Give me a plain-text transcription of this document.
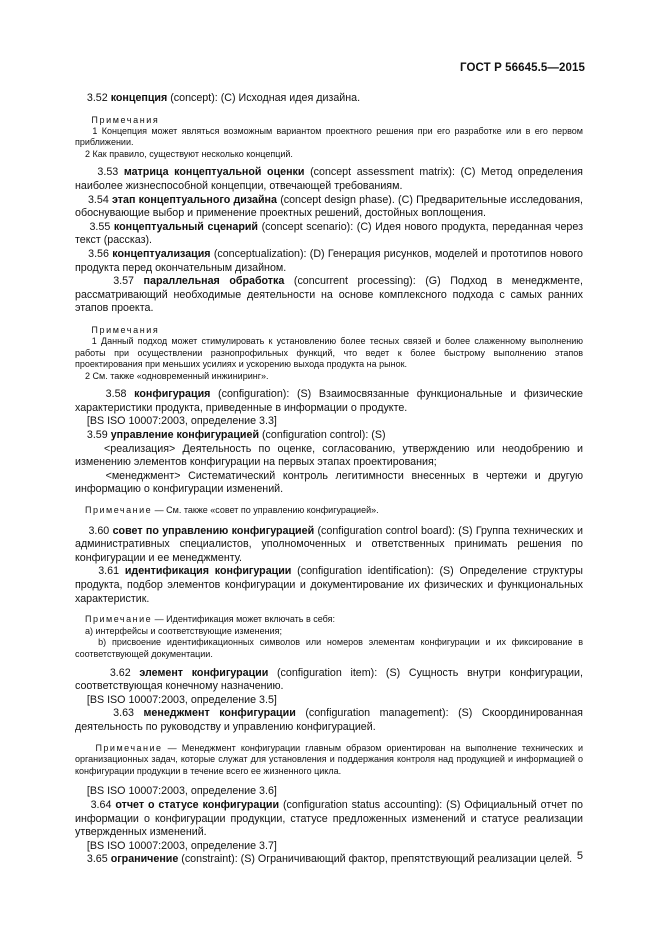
ГОСТ Р 56645.5—2015

3.52 концепция (concept): (C) Исходная идея дизайна.

Примечания

1 Концепция может являться возможным вариантом проектного решения при его разработке или в его первом приближении.

2 Как правило, существуют несколько концепций.

3.53 матрица концептуальной оценки (concept assessment matrix): (C) Метод определения наиболее жизнеспособной концепции, отвечающей требованиям.

3.54 этап концептуального дизайна (concept design phase). (C) Предварительные исследования, обоснувающие выбор и применение проектных решений, достойных воплощения.

3.55 концептуальный сценарий (concept scenario): (C) Идея нового продукта, переданная через текст (рассказ).

3.56 концептуализация (conceptualization): (D) Генерация рисунков, моделей и прототипов нового продукта перед окончательным дизайном.

3.57 параллельная обработка (concurrent processing): (G) Подход в менеджменте, рассматривающий необходимые деятельности на основе комплексного подхода с самых ранних этапов проекта.

Примечания

1 Данный подход может стимулировать к установлению более тесных связей и более слаженному выполнению работы при осуществлении разнопрофильных функций, что ведет к более быстрому выполнению этапов проектирования при меньших усилиях и ускорению выхода продукта на рынок.

2 См. также «одновременный инжиниринг».

3.58 конфигурация (configuration): (S) Взаимосвязанные функциональные и физические характеристики продукта, приведенные в информации о продукте.

[BS ISO 10007:2003, определение 3.3]

3.59 управление конфигурацией (configuration control): (S)

<реализация> Деятельность по оценке, согласованию, утверждению или неодобрению и изменению элементов конфигурации на первых этапах проектирования;

<менеджмент> Систематический контроль легитимности внесенных в чертежи и другую информацию о конфигурации изменений.

Примечание — См. также «совет по управлению конфигурацией».

3.60 совет по управлению конфигурацией (configuration control board): (S) Группа технических и административных специалистов, уполномоченных и ответственных принимать решения по конфигурации и ее менеджменту.

3.61 идентификация конфигурации (configuration identification): (S) Определение структуры продукта, подбор элементов конфигурации и документирование их физических и функциональных характеристик.

Примечание — Идентификация может включать в себя:

a) интерфейсы и соответствующие изменения;

b) присвоение идентификационных символов или номеров элементам конфигурации и их фиксирование в соответствующей документации.

3.62 элемент конфигурации (configuration item): (S) Сущность внутри конфигурации, соответствующая конечному назначению.

[BS ISO 10007:2003, определение 3.5]

3.63 менеджмент конфигурации (configuration management): (S) Скоординированная деятельность по руководству и управлению конфигурацией.

Примечание — Менеджмент конфигурации главным образом ориентирован на выполнение технических и организационных задач, которые служат для установления и поддержания контроля над продукцией и информацией о конфигурации продукции в течение всего ее жизненного цикла.

[BS ISO 10007:2003, определение 3.6]

3.64 отчет о статусе конфигурации (configuration status accounting): (S) Официальный отчет по информации о конфигурации продукции, статусе предложенных изменений и статусе реализации утвержденных изменений.

[BS ISO 10007:2003, определение 3.7]

3.65 ограничение (constraint): (S) Ограничивающий фактор, препятствующий реализации целей. 5
